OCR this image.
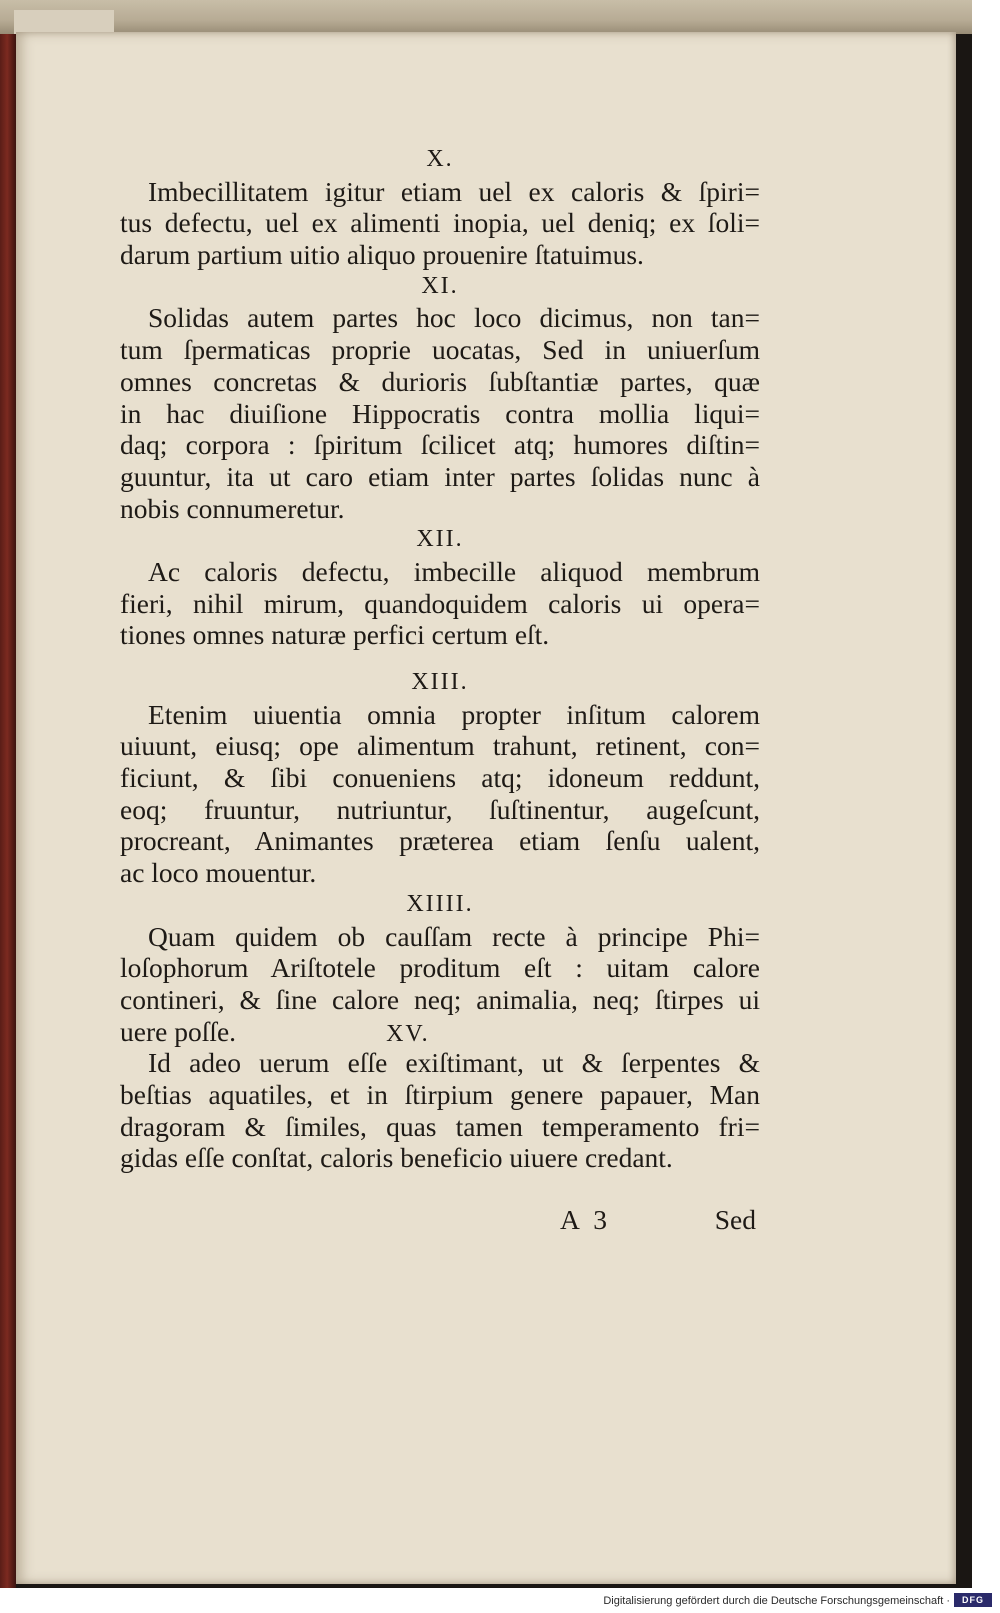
X.
Imbecillitatem igitur etiam uel ex caloris & ſpiri=
tus defectu, uel ex alimenti inopia, uel deniq; ex ſoli=
darum partium uitio aliquo prouenire ſtatuimus.
XI.
Solidas autem partes hoc loco dicimus, non tan=
tum ſpermaticas proprie uocatas, Sed in uniuerſum
omnes concretas & durioris ſubſtantiæ partes, quæ
in hac diuiſione Hippocratis contra mollia liqui=
daq; corpora : ſpiritum ſcilicet atq; humores diſtin=
guuntur, ita ut caro etiam inter partes ſolidas nunc à
nobis connumeretur.
XII.
Ac caloris defectu, imbecille aliquod membrum
fieri, nihil mirum, quandoquidem caloris ui opera=
tiones omnes naturæ perfici certum eſt.
XIII.
Etenim uiuentia omnia propter inſitum calorem
uiuunt, eiusq; ope alimentum trahunt, retinent, con=
ficiunt, & ſibi conueniens atq; idoneum reddunt,
eoq; fruuntur, nutriuntur, ſuſtinentur, augeſcunt,
procreant, Animantes præterea etiam ſenſu ualent,
ac loco mouentur.
XIIII.
Quam quidem ob cauſſam recte à principe Phi=
loſophorum Ariſtotele proditum eſt : uitam calore
contineri, & ſine calore neq; animalia, neq; ſtirpes ui
uere poſſe.	XV.
Id adeo uerum eſſe exiſtimant, ut & ſerpentes &
beſtias aquatiles, et in ſtirpium genere papauer, Man
dragoram & ſimiles, quas tamen temperamento fri=
gidas eſſe conſtat, caloris beneficio uiuere credant.
A 3	Sed
Digitalisierung gefördert durch die Deutsche Forschungsgemeinschaft ·	DFG
